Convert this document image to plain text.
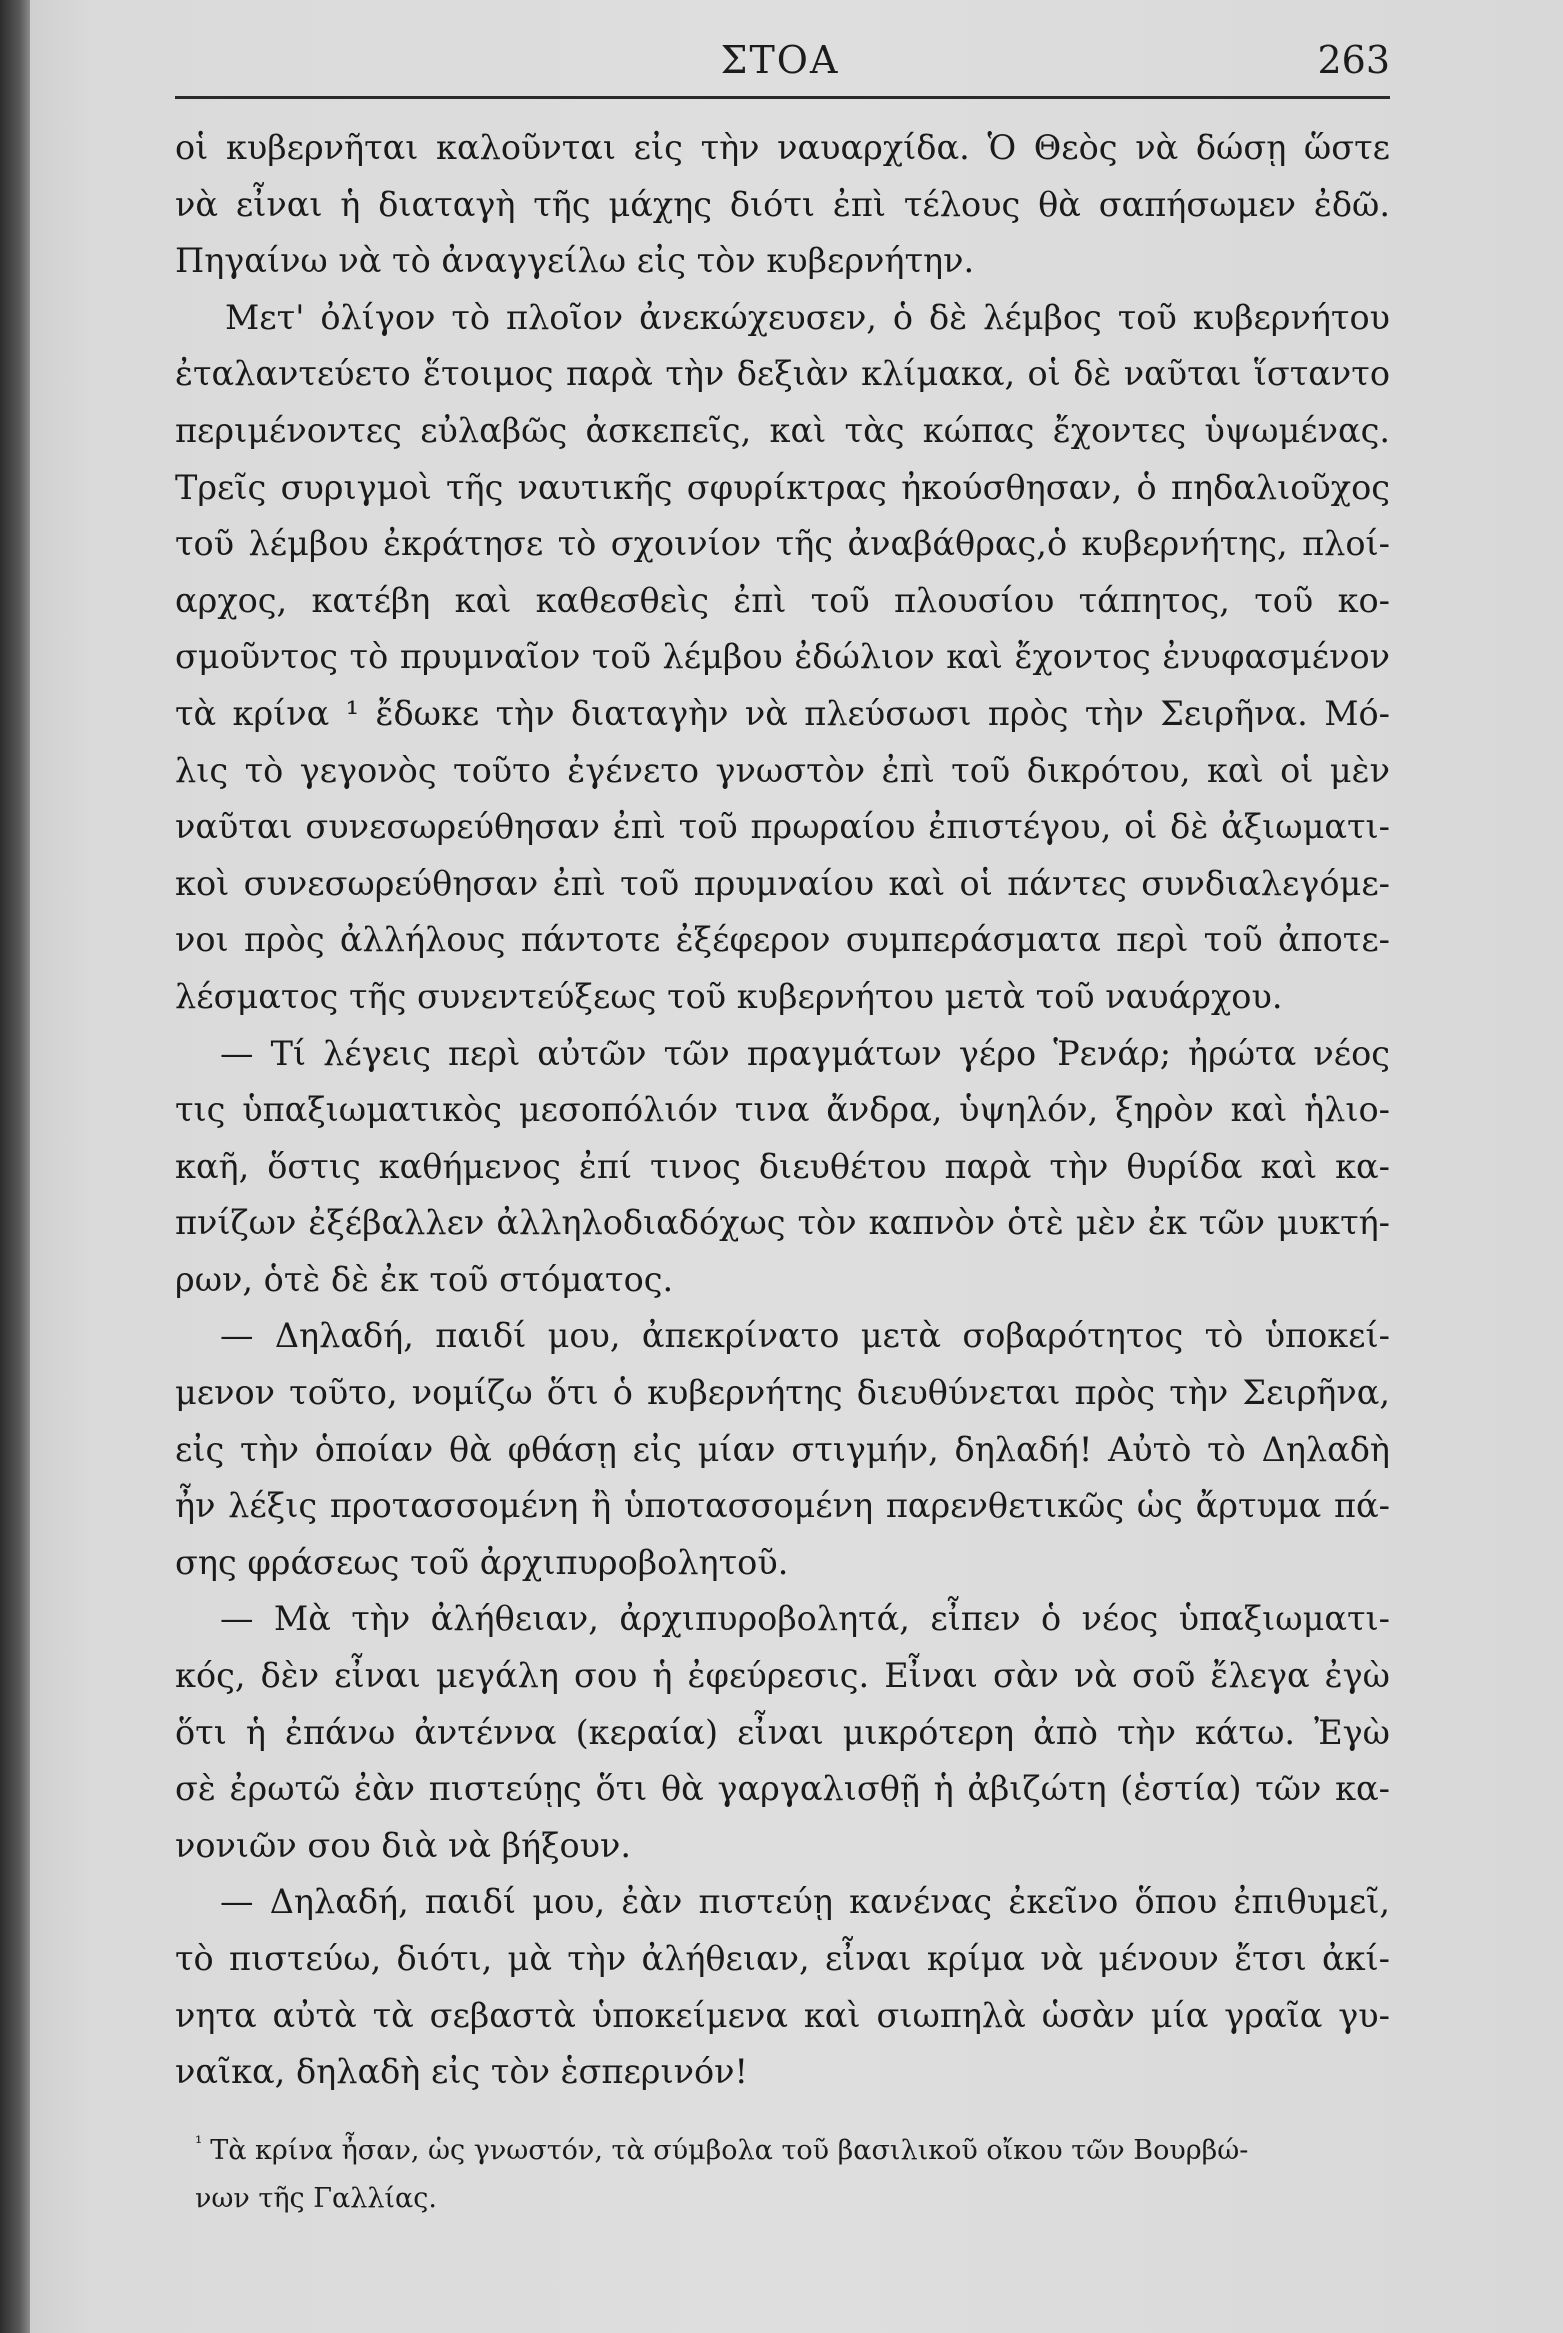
ΣΤΟΑ	263
οἱ κυβερνῆται καλοῦνται εἰς τὴν ναυαρχίδα. Ὁ Θεὸς νὰ δώσῃ ὥστε
νὰ εἶναι ἡ διαταγὴ τῆς μάχης διότι ἐπὶ τέλους θὰ σαπήσωμεν ἐδῶ.
Πηγαίνω νὰ τὸ ἀναγγείλω εἰς τὸν κυβερνήτην.
Μετ' ὀλίγον τὸ πλοῖον ἀνεκώχευσεν, ὁ δὲ λέμβος τοῦ κυβερνήτου
ἐταλαντεύετο ἕτοιμος παρὰ τὴν δεξιὰν κλίμακα, οἱ δὲ ναῦται ἵσταντο
περιμένοντες εὐλαβῶς ἀσκεπεῖς, καὶ τὰς κώπας ἔχοντες ὑψωμένας.
Τρεῖς συριγμοὶ τῆς ναυτικῆς σφυρίκτρας ἠκούσθησαν, ὁ πηδαλιοῦχος
τοῦ λέμβου ἐκράτησε τὸ σχοινίον τῆς ἀναβάθρας,ὁ κυβερνήτης, πλοί-
αρχος, κατέβη καὶ καθεσθεὶς ἐπὶ τοῦ πλουσίου τάπητος, τοῦ κο-
σμοῦντος τὸ πρυμναῖον τοῦ λέμβου ἐδώλιον καὶ ἔχοντος ἐνυφασμένον
τὰ κρίνα ¹ ἔδωκε τὴν διαταγὴν νὰ πλεύσωσι πρὸς τὴν Σειρῆνα. Μό-
λις τὸ γεγονὸς τοῦτο ἐγένετο γνωστὸν ἐπὶ τοῦ δικρότου, καὶ οἱ μὲν
ναῦται συνεσωρεύθησαν ἐπὶ τοῦ πρωραίου ἐπιστέγου, οἱ δὲ ἀξιωματι-
κοὶ συνεσωρεύθησαν ἐπὶ τοῦ πρυμναίου καὶ οἱ πάντες συνδιαλεγόμε-
νοι πρὸς ἀλλήλους πάντοτε ἐξέφερον συμπεράσματα περὶ τοῦ ἀποτε-
λέσματος τῆς συνεντεύξεως τοῦ κυβερνήτου μετὰ τοῦ ναυάρχου.
— Τί λέγεις περὶ αὐτῶν τῶν πραγμάτων γέρο Ῥενάρ; ἠρώτα νέος
τις ὑπαξιωματικὸς μεσοπόλιόν τινα ἄνδρα, ὑψηλόν, ξηρὸν καὶ ἡλιο-
καῆ, ὅστις καθήμενος ἐπί τινος διευθέτου παρὰ τὴν θυρίδα καὶ κα-
πνίζων ἐξέβαλλεν ἀλληλοδιαδόχως τὸν καπνὸν ὁτὲ μὲν ἐκ τῶν μυκτή-
ρων, ὁτὲ δὲ ἐκ τοῦ στόματος.
— Δηλαδή, παιδί μου, ἀπεκρίνατο μετὰ σοβαρότητος τὸ ὑποκεί-
μενον τοῦτο, νομίζω ὅτι ὁ κυβερνήτης διευθύνεται πρὸς τὴν Σειρῆνα,
εἰς τὴν ὁποίαν θὰ φθάσῃ εἰς μίαν στιγμήν, δηλαδή! Αὐτὸ τὸ Δηλαδὴ
ἦν λέξις προτασσομένη ἢ ὑποτασσομένη παρενθετικῶς ὡς ἄρτυμα πά-
σης φράσεως τοῦ ἀρχιπυροβολητοῦ.
— Μὰ τὴν ἀλήθειαν, ἀρχιπυροβολητά, εἶπεν ὁ νέος ὑπαξιωματι-
κός, δὲν εἶναι μεγάλη σου ἡ ἐφεύρεσις. Εἶναι σὰν νὰ σοῦ ἔλεγα ἐγὼ
ὅτι ἡ ἐπάνω ἀντέννα (κεραία) εἶναι μικρότερη ἀπὸ τὴν κάτω. Ἐγὼ
σὲ ἐρωτῶ ἐὰν πιστεύῃς ὅτι θὰ γαργαλισθῇ ἡ ἀβιζώτη (ἑστία) τῶν κα-
νονιῶν σου διὰ νὰ βήξουν.
— Δηλαδή, παιδί μου, ἐὰν πιστεύῃ κανένας ἐκεῖνο ὅπου ἐπιθυμεῖ,
τὸ πιστεύω, διότι, μὰ τὴν ἀλήθειαν, εἶναι κρίμα νὰ μένουν ἔτσι ἀκί-
νητα αὐτὰ τὰ σεβαστὰ ὑποκείμενα καὶ σιωπηλὰ ὡσὰν μία γραῖα γυ-
ναῖκα, δηλαδὴ εἰς τὸν ἑσπερινόν!
$^{^1}$ Τὰ κρίνα ἦσαν, ὡς γνωστόν, τὰ σύμβολα τοῦ βασιλικοῦ οἴκου τῶν Βουρβώ-
νων τῆς Γαλλίας.
